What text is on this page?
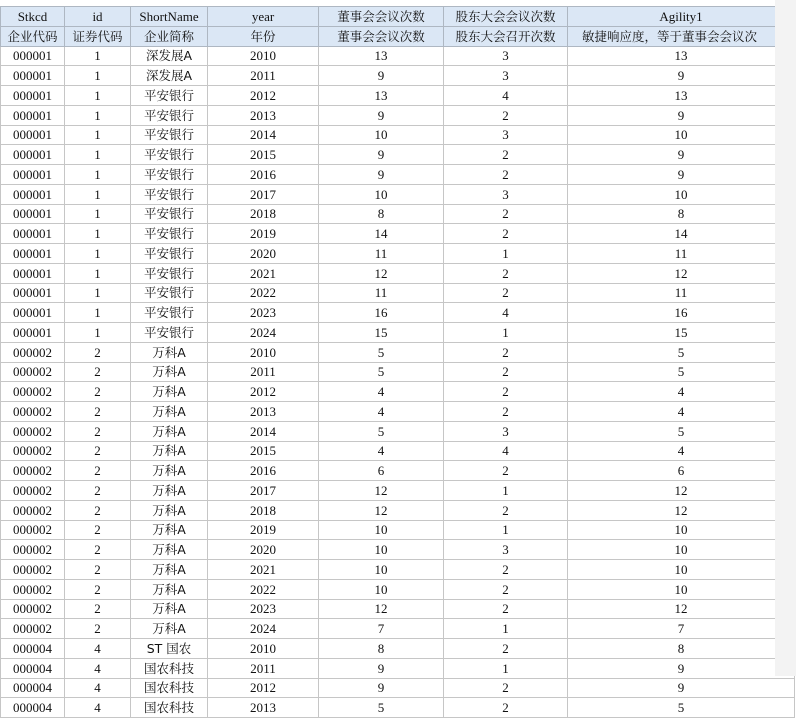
Stkcd	id	ShortName	year	董事会会议次数	股东大会会议次数	Agility1
企业代码	证券代码	企业简称	年份	董事会会议次数	股东大会召开次数	敏捷响应度，等于董事会会议次
000001	1	深发展A	2010	13	3	13
000001	1	深发展A	2011	9	3	9
000001	1	平安银行	2012	13	4	13
000001	1	平安银行	2013	9	2	9
000001	1	平安银行	2014	10	3	10
000001	1	平安银行	2015	9	2	9
000001	1	平安银行	2016	9	2	9
000001	1	平安银行	2017	10	3	10
000001	1	平安银行	2018	8	2	8
000001	1	平安银行	2019	14	2	14
000001	1	平安银行	2020	11	1	11
000001	1	平安银行	2021	12	2	12
000001	1	平安银行	2022	11	2	11
000001	1	平安银行	2023	16	4	16
000001	1	平安银行	2024	15	1	15
000002	2	万科A	2010	5	2	5
000002	2	万科A	2011	5	2	5
000002	2	万科A	2012	4	2	4
000002	2	万科A	2013	4	2	4
000002	2	万科A	2014	5	3	5
000002	2	万科A	2015	4	4	4
000002	2	万科A	2016	6	2	6
000002	2	万科A	2017	12	1	12
000002	2	万科A	2018	12	2	12
000002	2	万科A	2019	10	1	10
000002	2	万科A	2020	10	3	10
000002	2	万科A	2021	10	2	10
000002	2	万科A	2022	10	2	10
000002	2	万科A	2023	12	2	12
000002	2	万科A	2024	7	1	7
000004	4	ST 国农	2010	8	2	8
000004	4	国农科技	2011	9	1	9
000004	4	国农科技	2012	9	2	9
000004	4	国农科技	2013	5	2	5
